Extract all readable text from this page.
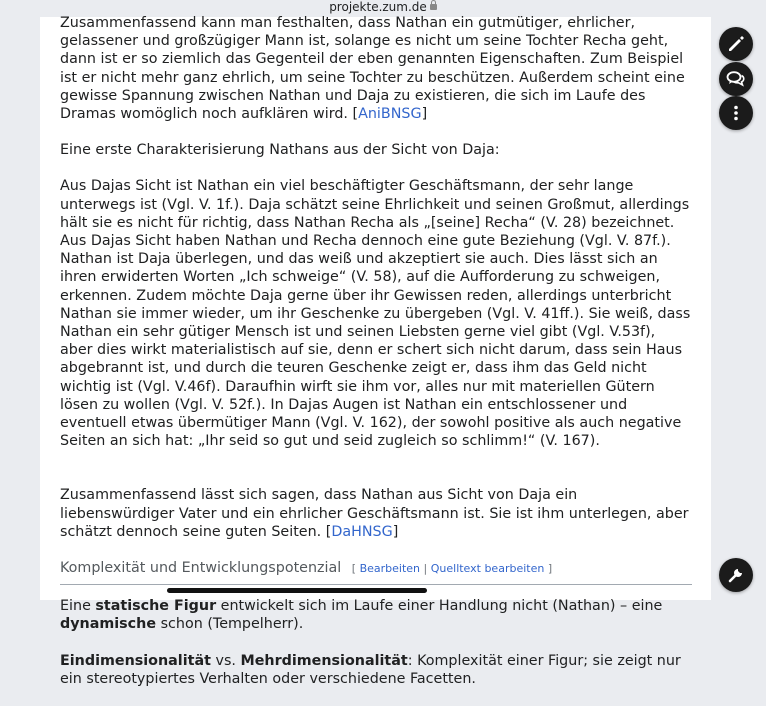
projekte.zum.de

Zusammenfassend kann man festhalten, dass Nathan ein gutmütiger, ehrlicher, gelassener und großzügiger Mann ist, solange es nicht um seine Tochter Recha geht, dann ist er so ziemlich das Gegenteil der eben genannten Eigenschaften. Zum Beispiel ist er nicht mehr ganz ehrlich, um seine Tochter zu beschützen. Außerdem scheint eine gewisse Spannung zwischen Nathan und Daja zu existieren, die sich im Laufe des Dramas womöglich noch aufklären wird. [AniBNSG]

Eine erste Charakterisierung Nathans aus der Sicht von Daja:

Aus Dajas Sicht ist Nathan ein viel beschäftigter Geschäftsmann, der sehr lange unterwegs ist (Vgl. V. 1f.). Daja schätzt seine Ehrlichkeit und seinen Großmut, allerdings hält sie es nicht für richtig, dass Nathan Recha als „[seine] Recha“ (V. 28) bezeichnet. Aus Dajas Sicht haben Nathan und Recha dennoch eine gute Beziehung (Vgl. V. 87f.). Nathan ist Daja überlegen, und das weiß und akzeptiert sie auch. Dies lässt sich an ihren erwiderten Worten „Ich schweige“ (V. 58), auf die Aufforderung zu schweigen, erkennen. Zudem möchte Daja gerne über ihr Gewissen reden, allerdings unterbricht Nathan sie immer wieder, um ihr Geschenke zu übergeben (Vgl. V. 41ff.). Sie weiß, dass Nathan ein sehr gütiger Mensch ist und seinen Liebsten gerne viel gibt (Vgl. V.53f), aber dies wirkt materialistisch auf sie, denn er schert sich nicht darum, dass sein Haus abgebrannt ist, und durch die teuren Geschenke zeigt er, dass ihm das Geld nicht wichtig ist (Vgl. V.46f). Daraufhin wirft sie ihm vor, alles nur mit materiellen Gütern lösen zu wollen (Vgl. V. 52f.). In Dajas Augen ist Nathan ein entschlossener und eventuell etwas übermütiger Mann (Vgl. V. 162), der sowohl positive als auch negative Seiten an sich hat: „Ihr seid so gut und seid zugleich so schlimm!“ (V. 167).

Zusammenfassend lässt sich sagen, dass Nathan aus Sicht von Daja ein liebenswürdiger Vater und ein ehrlicher Geschäftsmann ist. Sie ist ihm unterlegen, aber schätzt dennoch seine guten Seiten. [DaHNSG]

Komplexität und Entwicklungspotenzial [ Bearbeiten | Quelltext bearbeiten ]

Eine statische Figur entwickelt sich im Laufe einer Handlung nicht (Nathan) – eine dynamische schon (Tempelherr).

Eindimensionalität vs. Mehrdimensionalität: Komplexität einer Figur; sie zeigt nur ein stereotypiertes Verhalten oder verschiedene Facetten.
